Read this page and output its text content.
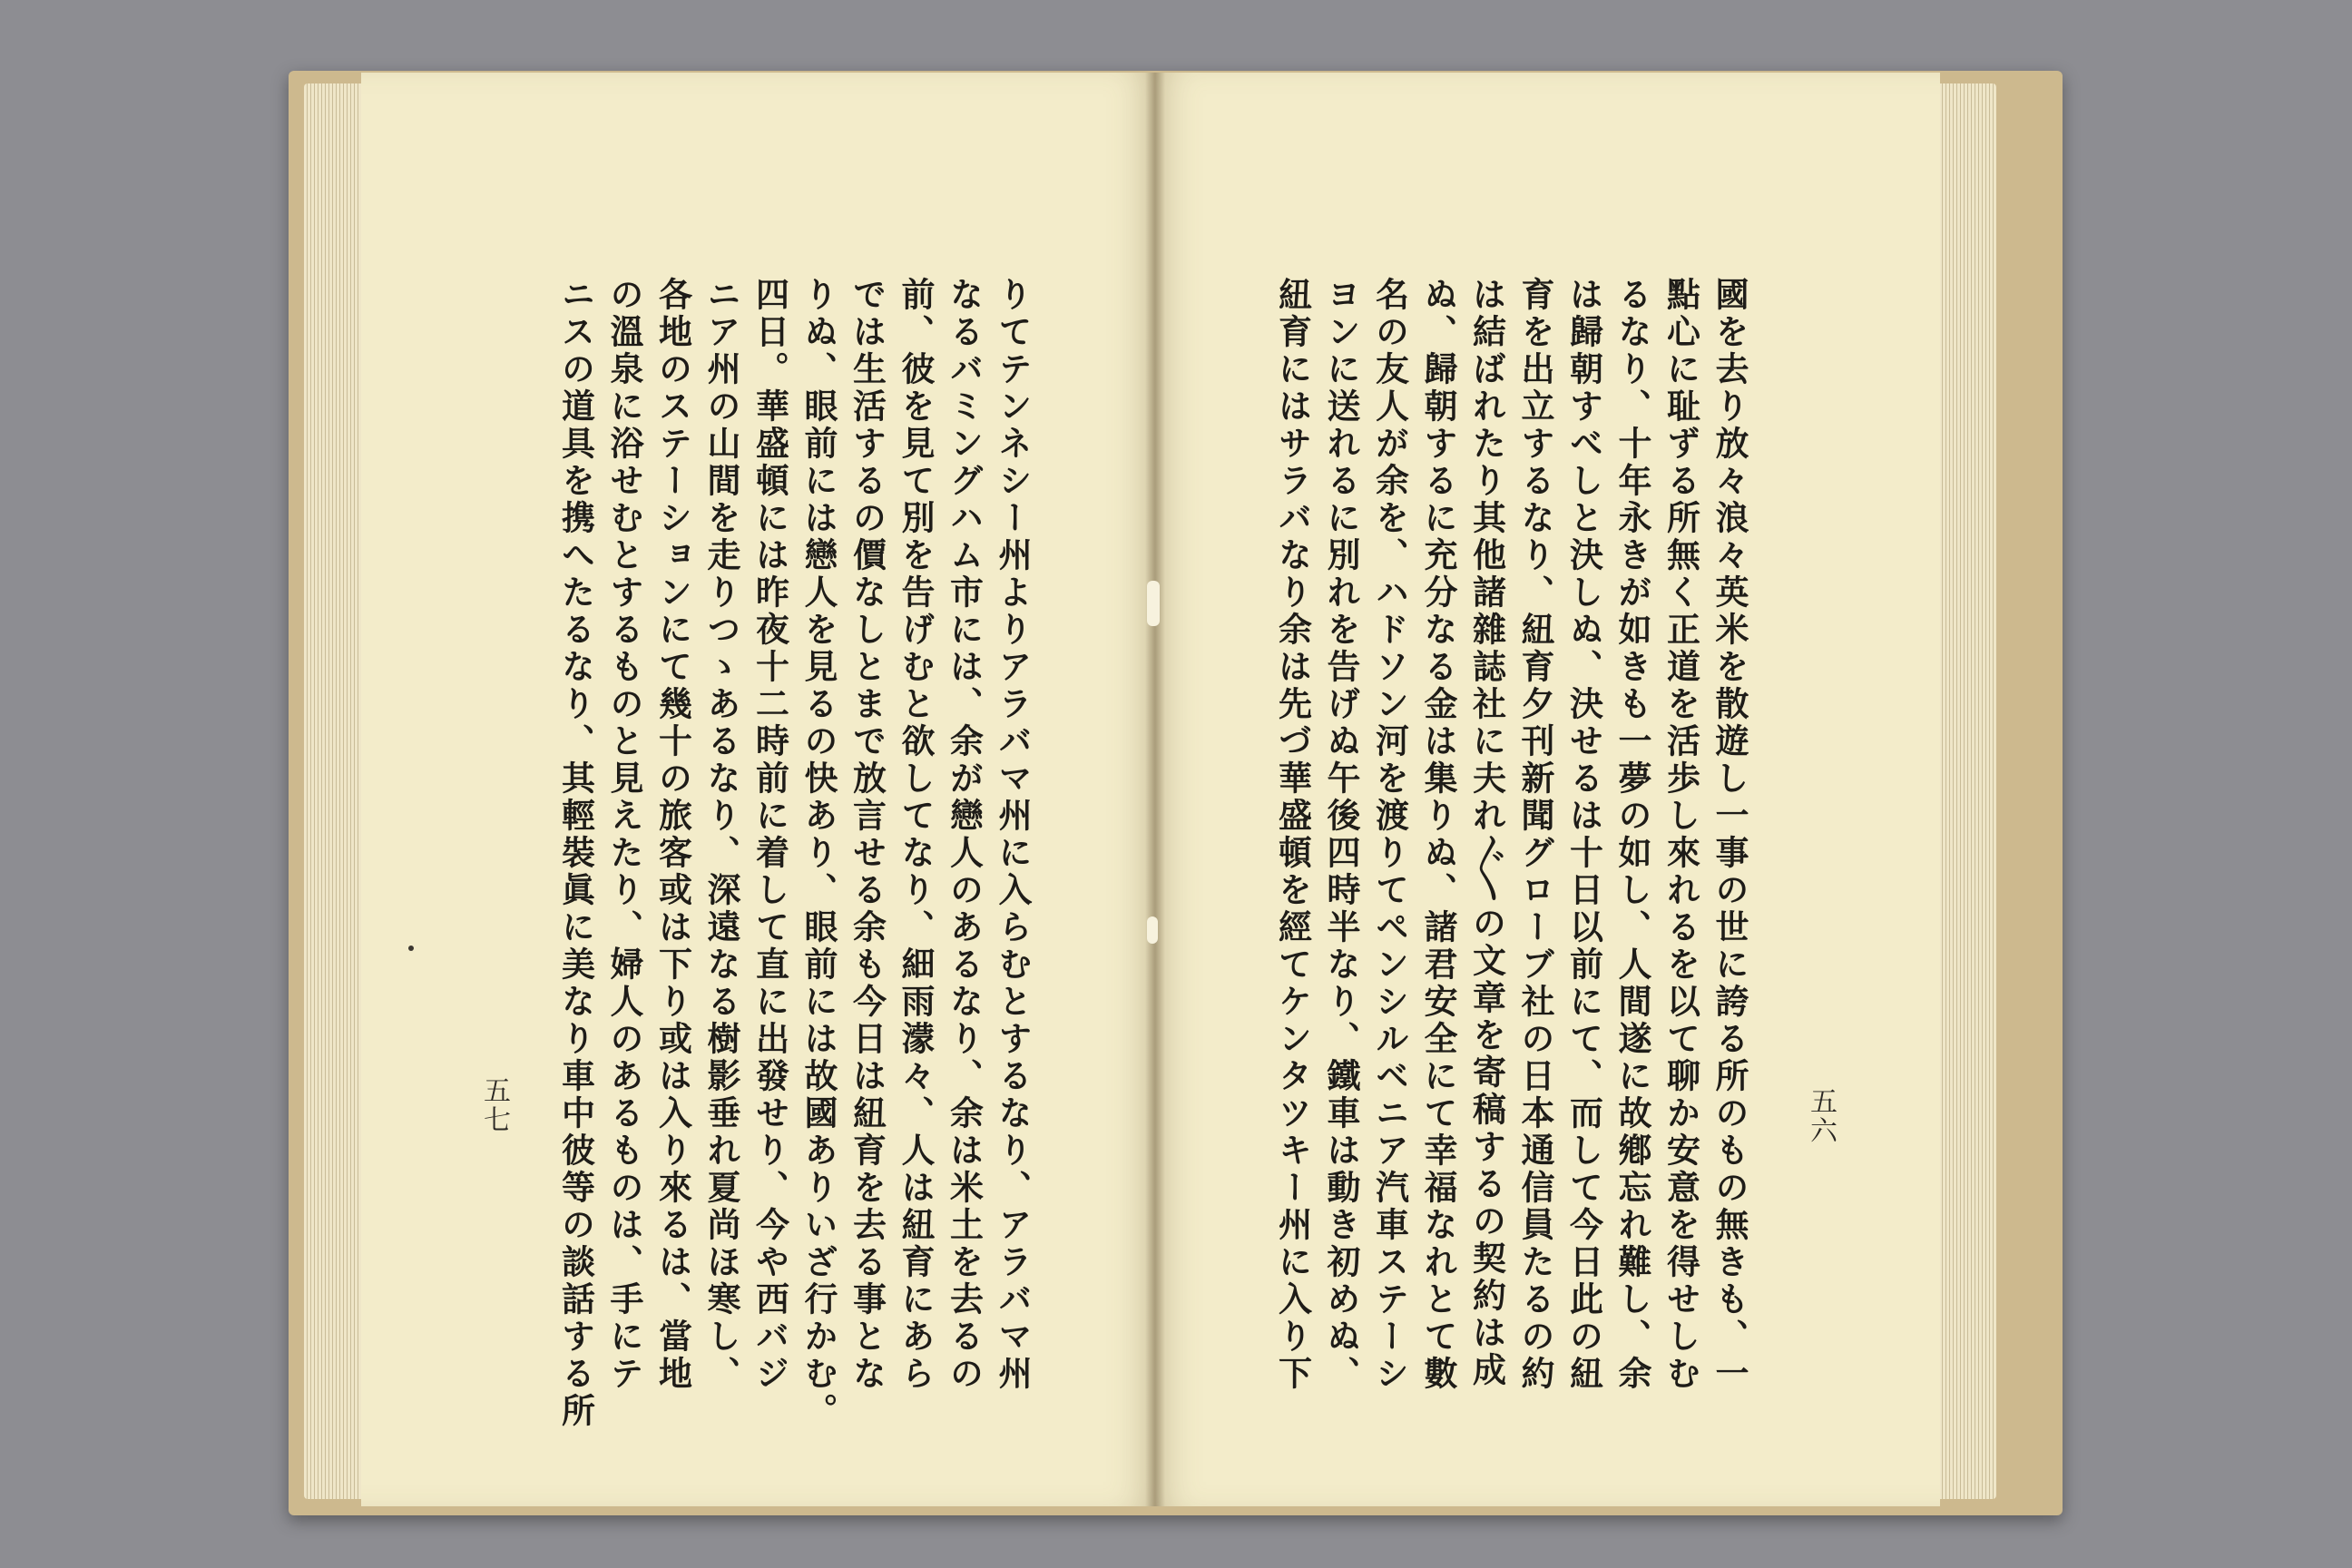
國を去り放々浪々英米を散遊し一事の世に誇る所のもの無きも、一
點心に耻ずる所無く正道を活歩し來れるを以て聊か安意を得せしむ
るなり、十年永きが如きも一夢の如し、人間遂に故鄕忘れ難し、余
は歸朝すべしと決しぬ、決せるは十日以前にて、而して今日此の紐
育を出立するなり、紐育夕刊新聞グローブ社の日本通信員たるの約
は結ばれたり其他諸雜誌社に夫れ〴〵の文章を寄稿するの契約は成
ぬ、歸朝するに充分なる金は集りぬ、諸君安全にて幸福なれとて數
名の友人が余を、ハドソン河を渡りてペンシルベニア汽車ステーシ
ヨンに送れるに別れを告げぬ午後四時半なり、鐵車は動き初めぬ、
紐育にはサラバなり余は先づ華盛頓を經てケンタツキー州に入り下	五六
りてテンネシー州よりアラバマ州に入らむとするなり、アラバマ州
なるバミングハム市には、余が戀人のあるなり、余は米土を去るの
前、彼を見て別を告げむと欲してなり、細雨濛々、人は紐育にあら
では生活するの價なしとまで放言せる余も今日は紐育を去る事とな
りぬ、眼前には戀人を見るの快あり、眼前には故國ありいざ行かむ。
四日。華盛頓には昨夜十二時前に着して直に出發せり、今や西バジ
ニア州の山間を走りつゝあるなり、深遠なる樹影垂れ夏尚ほ寒し、
各地のステーションにて幾十の旅客或は下り或は入り來るは、當地
の溫泉に浴せむとするものと見えたり、婦人のあるものは、手にテ
ニスの道具を携へたるなり、其輕裝眞に美なり車中彼等の談話する所
五七
